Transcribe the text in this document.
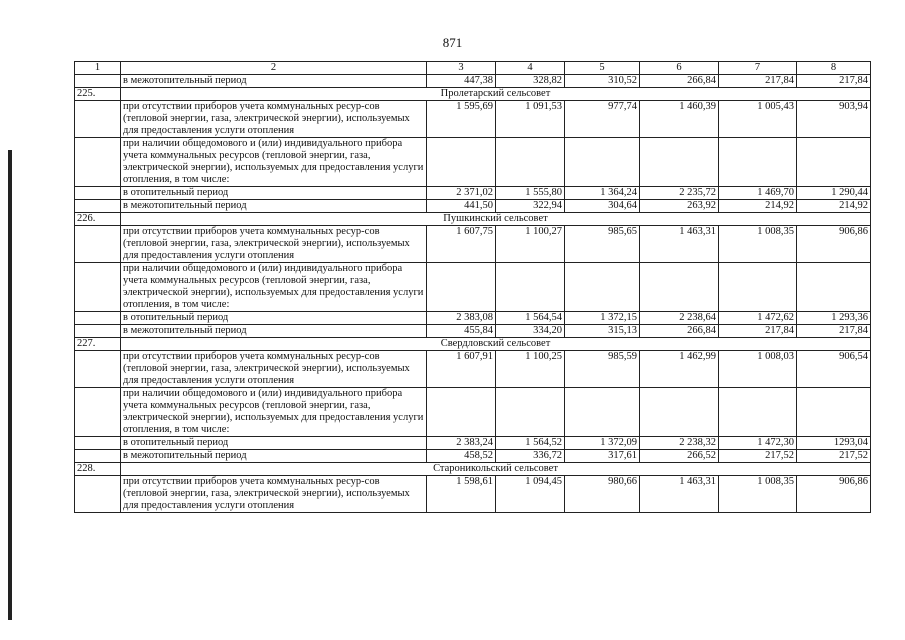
871
1	2	3	4	5	6	7	8
	в межотопительный период	447,38	328,82	310,52	266,84	217,84	217,84
225.	Пролетарский сельсовет						
	при отсутствии приборов учета коммунальных ресур-сов (тепловой энергии, газа, электрической энергии), используемых для предоставления услуги отопления	1 595,69	1 091,53	977,74	1 460,39	1 005,43	903,94
	при наличии общедомового и (или) индивидуального прибора учета коммунальных ресурсов (тепловой энергии, газа, электрической энергии), используемых для предоставления услуги отопления, в том числе:						
	в отопительный период	2 371,02	1 555,80	1 364,24	2 235,72	1 469,70	1 290,44
	в межотопительный период	441,50	322,94	304,64	263,92	214,92	214,92
226.	Пушкинский сельсовет						
	при отсутствии приборов учета коммунальных ресур-сов (тепловой энергии, газа, электрической энергии), используемых для предоставления услуги отопления	1 607,75	1 100,27	985,65	1 463,31	1 008,35	906,86
	при наличии общедомового и (или) индивидуального прибора учета коммунальных ресурсов (тепловой энергии, газа, электрической энергии), используемых для предоставления услуги отопления, в том числе:						
	в отопительный период	2 383,08	1 564,54	1 372,15	2 238,64	1 472,62	1 293,36
	в межотопительный период	455,84	334,20	315,13	266,84	217,84	217,84
227.	Свердловский сельсовет						
	при отсутствии приборов учета коммунальных ресур-сов (тепловой энергии, газа, электрической энергии), используемых для предоставления услуги отопления	1 607,91	1 100,25	985,59	1 462,99	1 008,03	906,54
	при наличии общедомового и (или) индивидуального прибора учета коммунальных ресурсов (тепловой энергии, газа, электрической энергии), используемых для предоставления услуги отопления, в том числе:						
	в отопительный период	2 383,24	1 564,52	1 372,09	2 238,32	1 472,30	1293,04
	в межотопительный период	458,52	336,72	317,61	266,52	217,52	217,52
228.	Староникольский сельсовет						
	при отсутствии приборов учета коммунальных ресур-сов (тепловой энергии, газа, электрической энергии), используемых для предоставления услуги отопления	1 598,61	1 094,45	980,66	1 463,31	1 008,35	906,86
